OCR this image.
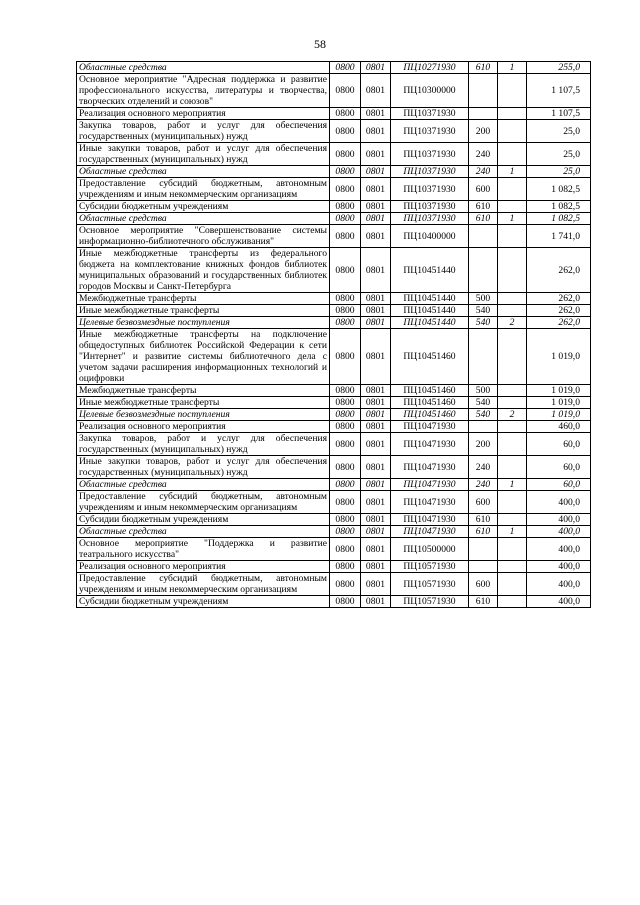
58
Областные средства	0800	0801	ПЦ10271930	610	1	255,0
Основное мероприятие "Адресная поддержка и развитие профессионального искусства, литературы и творчества, творческих отделений и союзов"	0800	0801	ПЦ10300000			1 107,5
Реализация основного мероприятия	0800	0801	ПЦ10371930			1 107,5
Закупка товаров, работ и услуг для обеспечения государственных (муниципальных) нужд	0800	0801	ПЦ10371930	200		25,0
Иные закупки товаров, работ и услуг для обеспечения государственных (муниципальных) нужд	0800	0801	ПЦ10371930	240		25,0
Областные средства	0800	0801	ПЦ10371930	240	1	25,0
Предоставление субсидий бюджетным, автономным учреждениям и иным некоммерческим организациям	0800	0801	ПЦ10371930	600		1 082,5
Субсидии бюджетным учреждениям	0800	0801	ПЦ10371930	610		1 082,5
Областные средства	0800	0801	ПЦ10371930	610	1	1 082,5
Основное мероприятие "Совершенствование системы информационно-библиотечного обслуживания"	0800	0801	ПЦ10400000			1 741,0
Иные межбюджетные трансферты из федерального бюджета на комплектование книжных фондов библиотек муниципальных образований и государственных библиотек городов Москвы и Санкт-Петербурга	0800	0801	ПЦ10451440			262,0
Межбюджетные трансферты	0800	0801	ПЦ10451440	500		262,0
Иные межбюджетные трансферты	0800	0801	ПЦ10451440	540		262,0
Целевые безвозмездные поступления	0800	0801	ПЦ10451440	540	2	262,0
Иные межбюджетные трансферты на подключение общедоступных библиотек Российской Федерации к сети "Интернет" и развитие системы библиотечного дела с учетом задачи расширения информационных технологий и оцифровки	0800	0801	ПЦ10451460			1 019,0
Межбюджетные трансферты	0800	0801	ПЦ10451460	500		1 019,0
Иные межбюджетные трансферты	0800	0801	ПЦ10451460	540		1 019,0
Целевые безвозмездные поступления	0800	0801	ПЦ10451460	540	2	1 019,0
Реализация основного мероприятия	0800	0801	ПЦ10471930			460,0
Закупка товаров, работ и услуг для обеспечения государственных (муниципальных) нужд	0800	0801	ПЦ10471930	200		60,0
Иные закупки товаров, работ и услуг для обеспечения государственных (муниципальных) нужд	0800	0801	ПЦ10471930	240		60,0
Областные средства	0800	0801	ПЦ10471930	240	1	60,0
Предоставление субсидий бюджетным, автономным учреждениям и иным некоммерческим организациям	0800	0801	ПЦ10471930	600		400,0
Субсидии бюджетным учреждениям	0800	0801	ПЦ10471930	610		400,0
Областные средства	0800	0801	ПЦ10471930	610	1	400,0
Основное мероприятие "Поддержка и развитие театрального искусства"	0800	0801	ПЦ10500000			400,0
Реализация основного мероприятия	0800	0801	ПЦ10571930			400,0
Предоставление субсидий бюджетным, автономным учреждениям и иным некоммерческим организациям	0800	0801	ПЦ10571930	600		400,0
Субсидии бюджетным учреждениям	0800	0801	ПЦ10571930	610		400,0
